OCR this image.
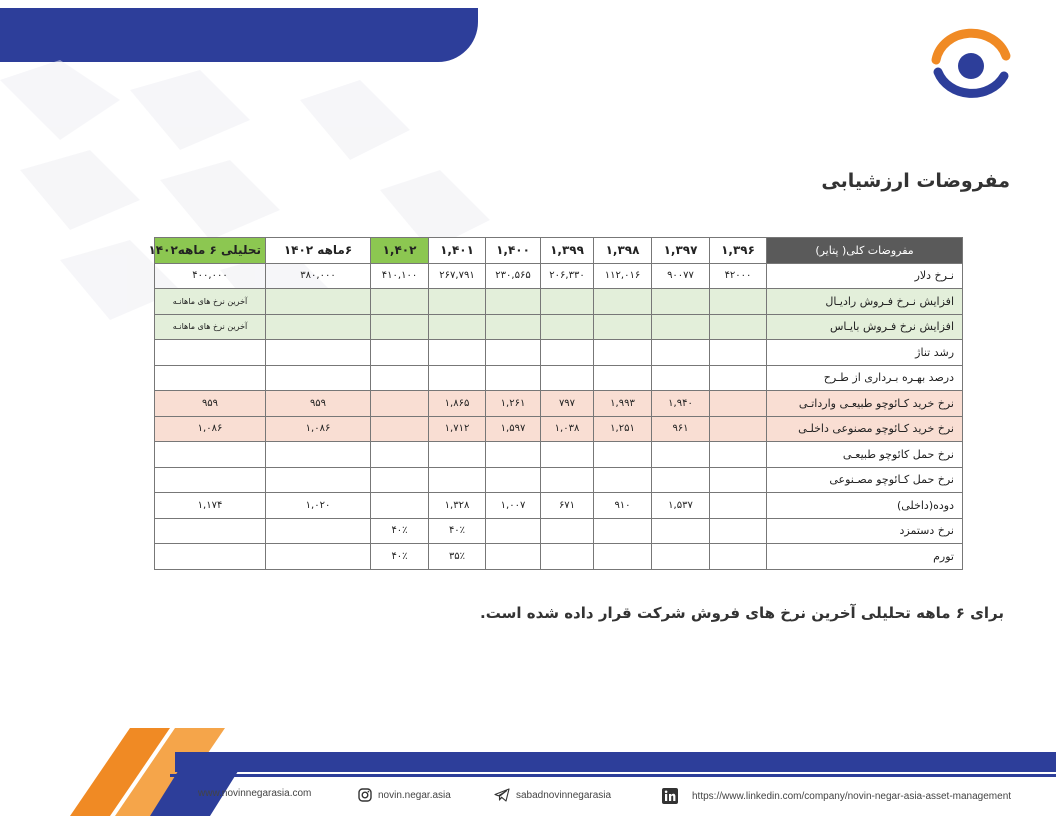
مفروضات ارزشیابی
مفروضات کلی( پتایر)	۱,۳۹۶	۱,۳۹۷	۱,۳۹۸	۱,۳۹۹	۱,۴۰۰	۱,۴۰۱	۱,۴۰۲	۶ماهه ۱۴۰۲	تحلیلی ۶ ماهه۱۴۰۲
نـرخ دلار	۴۲۰۰۰	۹۰۰۷۷	۱۱۲,۰۱۶	۲۰۶,۳۳۰	۲۳۰,۵۶۵	۲۶۷,۷۹۱	۴۱۰,۱۰۰	۳۸۰,۰۰۰	۴۰۰,۰۰۰
افزایش نـرخ فـروش رادیـال									آخرین نرخ های ماهانـه
افزایش نرخ فـروش بایـاس									آخرین نرخ های ماهانـه
رشد تناژ									
درصد بهـره بـرداری از طـرح									
نرخ خرید کـائوچو طبیعـی وارداتـی		۱,۹۴۰	۱,۹۹۳	۷۹۷	۱,۲۶۱	۱,۸۶۵		۹۵۹	۹۵۹
نرخ خرید کـائوچو مصنوعی داخلـی		۹۶۱	۱,۲۵۱	۱,۰۳۸	۱,۵۹۷	۱,۷۱۲		۱,۰۸۶	۱,۰۸۶
نرخ حمل کائوچو طبیعـی									
نرخ حمل کـائوچو مصـنوعی									
دوده(داخلی)		۱,۵۳۷	۹۱۰	۶۷۱	۱,۰۰۷	۱,۳۲۸		۱,۰۲۰	۱,۱۷۴
نرخ دستمزد						۴۰٪	۴۰٪		
تورم						۳۵٪	۴۰٪		
برای ۶ ماهه تحلیلی آخرین نرخ های فروش شرکت قرار داده شده است.
www.novinnegarasia.com	novin.negar.asia	sabadnovinnegarasia	https://www.linkedin.com/company/novin-negar-asia-asset-management
